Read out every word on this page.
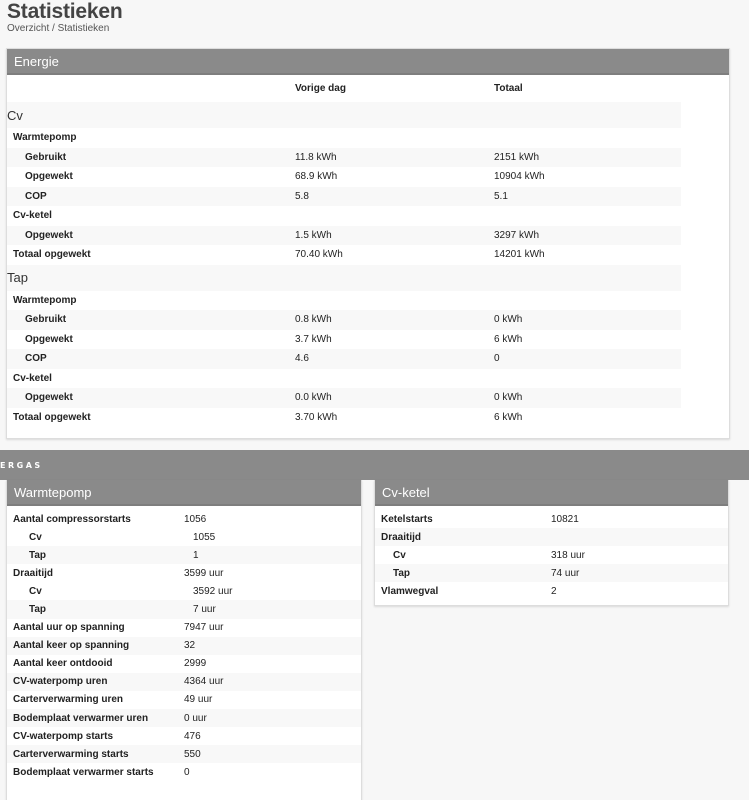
Statistieken
Overzicht / Statistieken
Energie
	Vorige dag	Totaal
Cv		
Warmtepomp		
Gebruikt	11.8 kWh	2151 kWh
Opgewekt	68.9 kWh	10904 kWh
COP	5.8	5.1
Cv-ketel		
Opgewekt	1.5 kWh	3297 kWh
Totaal opgewekt	70.40 kWh	14201 kWh
Tap		
Warmtepomp		
Gebruikt	0.8 kWh	0 kWh
Opgewekt	3.7 kWh	6 kWh
COP	4.6	0
Cv-ketel		
Opgewekt	0.0 kWh	0 kWh
Totaal opgewekt	3.70 kWh	6 kWh
ERGAS
Warmtepomp
Aantal compressorstarts	1056
Cv	1055
Tap	1
Draaitijd	3599 uur
Cv	3592 uur
Tap	7 uur
Aantal uur op spanning	7947 uur
Aantal keer op spanning	32
Aantal keer ontdooid	2999
CV-waterpomp uren	4364 uur
Carterverwarming uren	49 uur
Bodemplaat verwarmer uren	0 uur
CV-waterpomp starts	476
Carterverwarming starts	550
Bodemplaat verwarmer starts	0
Cv-ketel
Ketelstarts	10821
Draaitijd	
Cv	318 uur
Tap	74 uur
Vlamwegval	2
